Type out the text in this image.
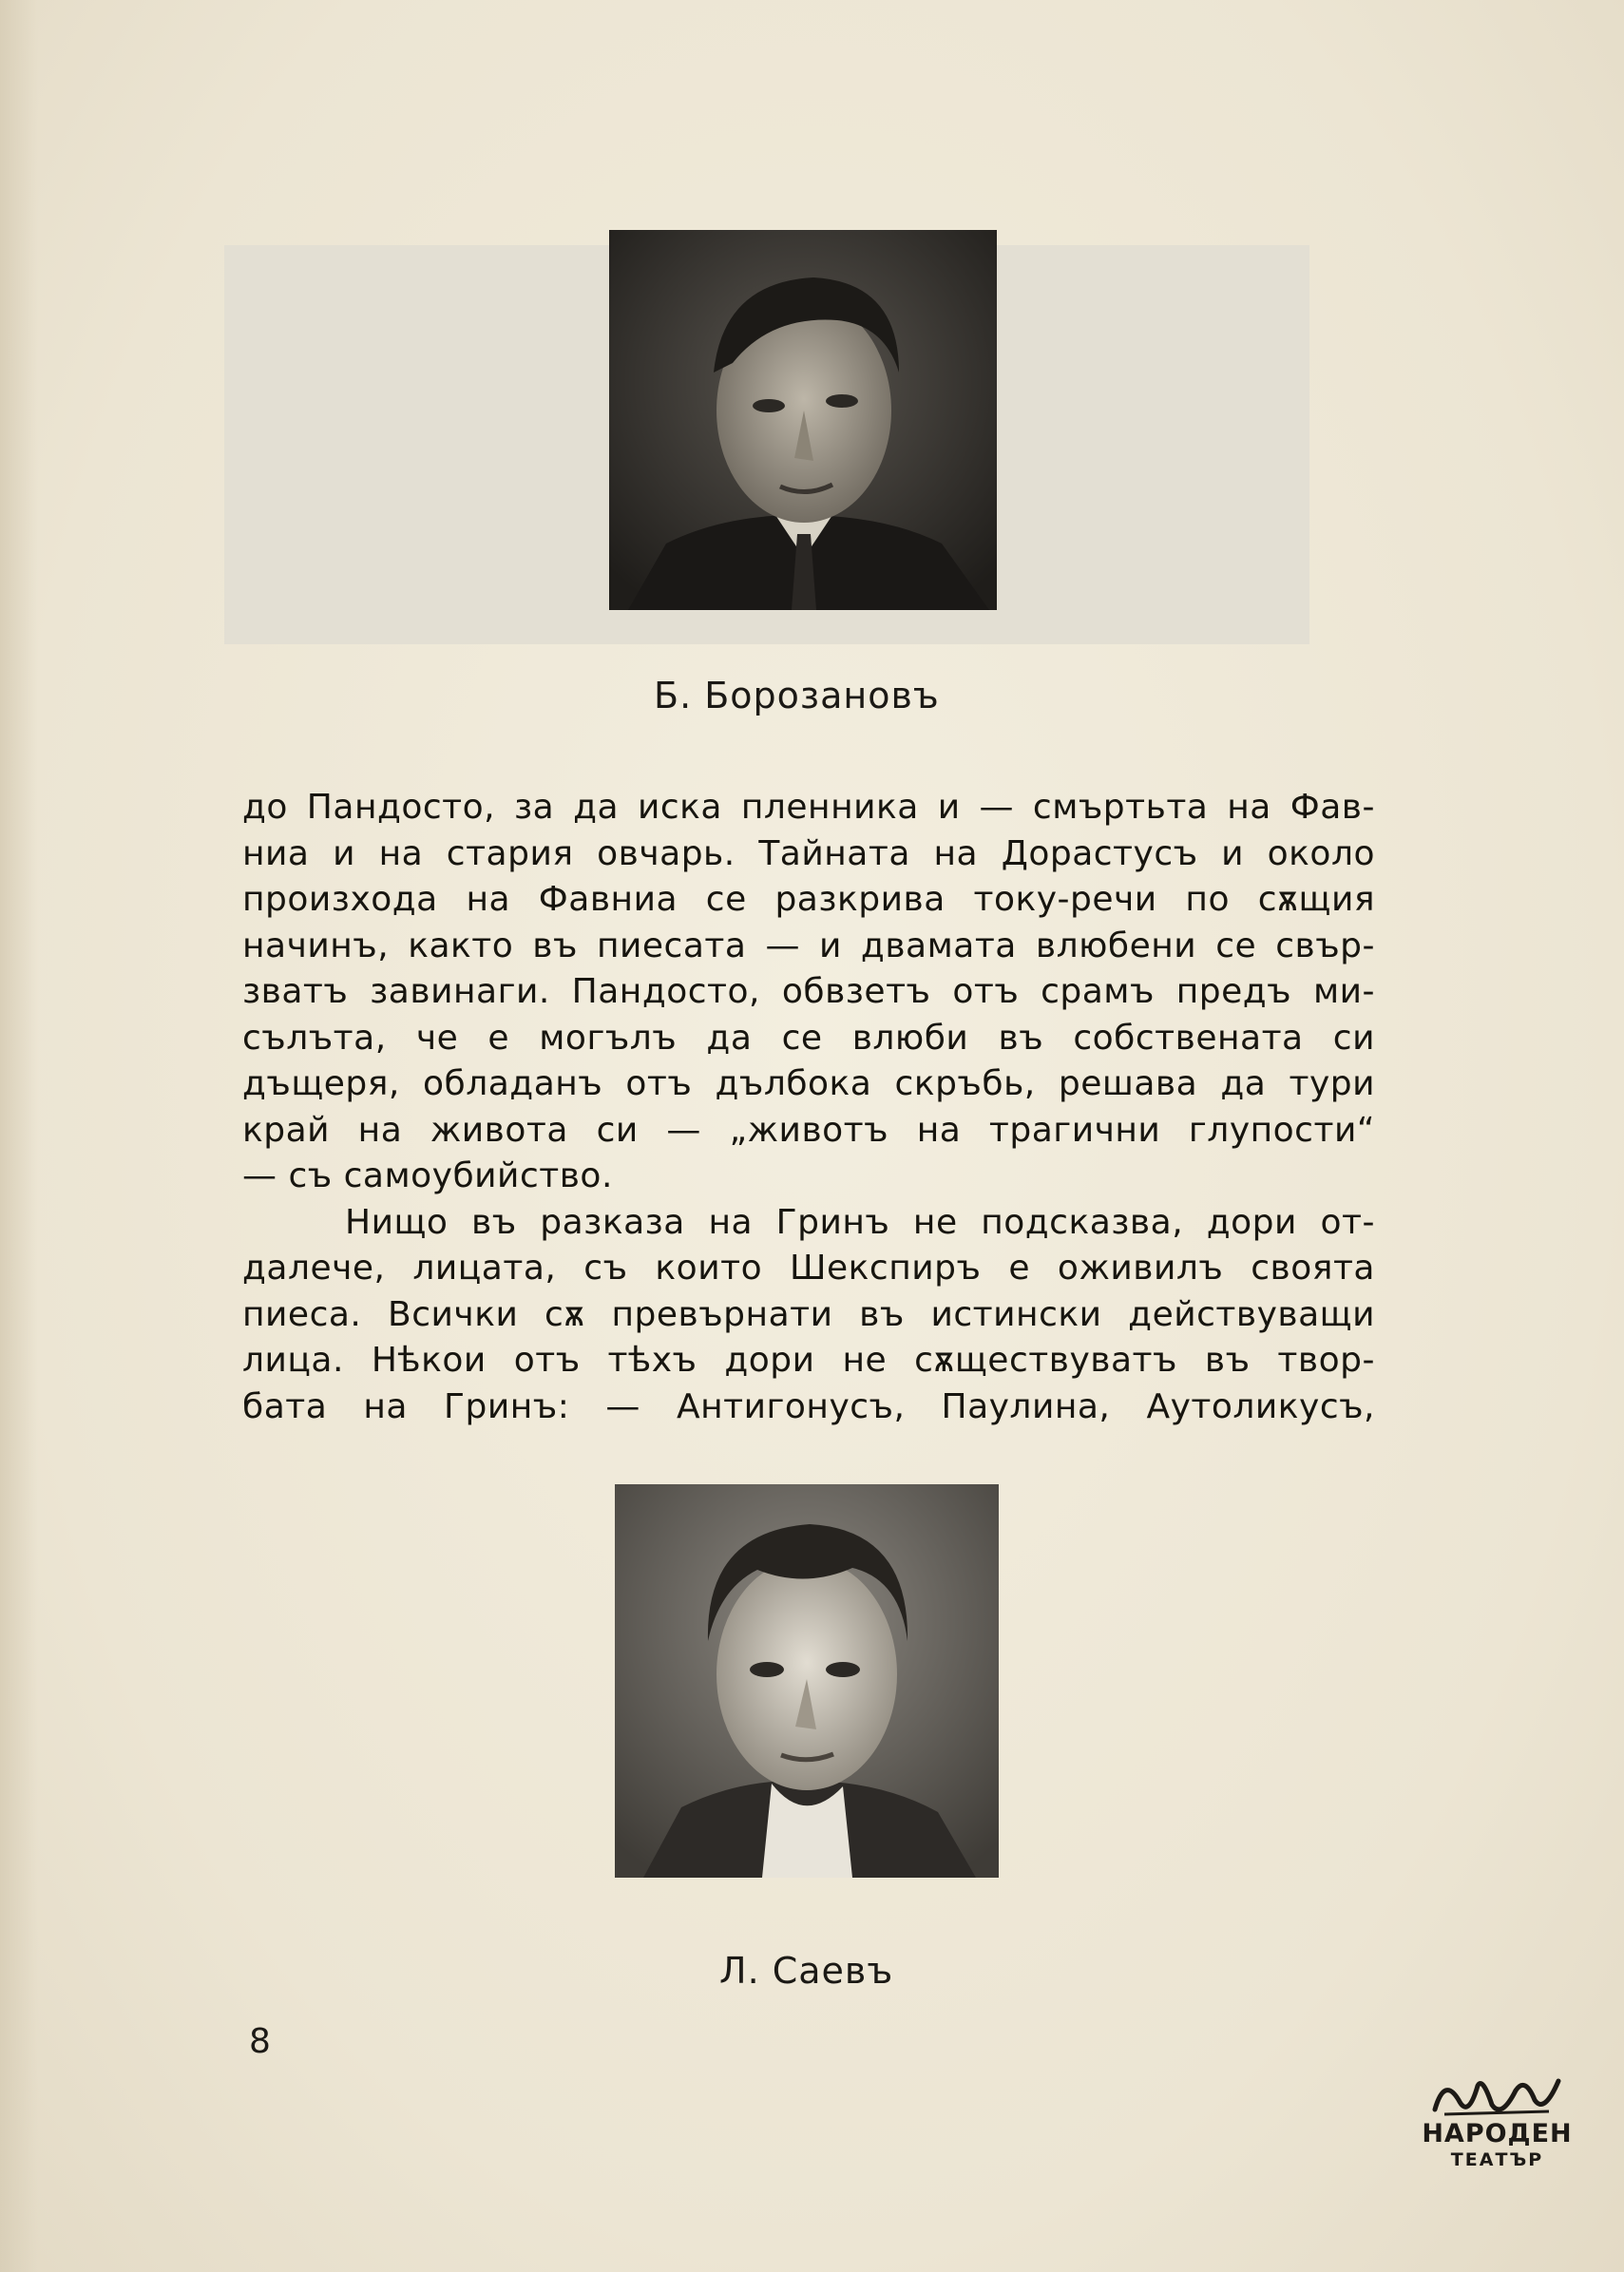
Б. Борозановъ
до Пандосто, за да иска пленника и — смъртьта на Фав-
ниа и на стария овчарь. Тайната на Дорастусъ и около
произхода на Фавниа се разкрива току-речи по сѫщия
начинъ, както въ пиесата — и двамата влюбени се свър-
зватъ завинаги. Пандосто, обвзетъ отъ срамъ предъ ми-
сълъта, че е могълъ да се влюби въ собствената си
дъщеря, обладанъ отъ дълбока скръбь, решава да тури
край на живота си — „животъ на трагични глупости“
— съ самоубийство.
Нищо въ разказа на Гринъ не подсказва, дори от-
далече, лицата, съ които Шекспиръ е оживилъ своята
пиеса. Всички сѫ превърнати въ истински действуващи
лица. Нѣкои отъ тѣхъ дори не сѫществуватъ въ твор-
бата на Гринъ: — Антигонусъ, Паулина, Аутоликусъ,
Л. Саевъ
8
НАРОДЕН
ТЕАТЪР
